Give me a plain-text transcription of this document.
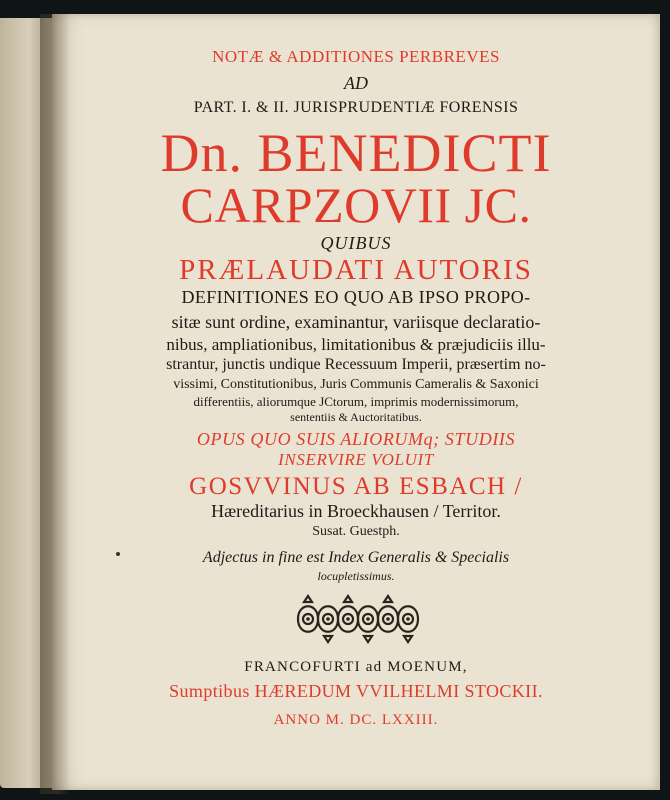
NOTÆ & ADDITIONES PERBREVES
AD
PART. I. & II. JURISPRUDENTIÆ FORENSIS
Dn. BENEDICTI
CARPZOVII JC.
QUIBUS
PRÆLAUDATI AUTORIS
DEFINITIONES EO QUO AB IPSO PROPO-
sitæ sunt ordine, examinantur, variisque declaratio-
nibus, ampliationibus, limitationibus & præjudiciis illu-
strantur, junctis undique Recessuum Imperii, præsertim no-
vissimi, Constitutionibus, Juris Communis Cameralis & Saxonici
differentiis, aliorumque JCtorum, imprimis modernissimorum,
sententiis & Auctoritatibus.
OPUS QUO SUIS ALIORUMq; STUDIIS
INSERVIRE VOLUIT
GOSVVINUS AB ESBACH /
Hæreditarius in Broeckhausen / Territor.
Susat. Guestph.
Adjectus in fine est Index Generalis & Specialis
locupletissimus.
FRANCOFURTI ad MOENUM,
Sumptibus HÆREDUM VVILHELMI STOCKII.
ANNO M. DC. LXXIII.
